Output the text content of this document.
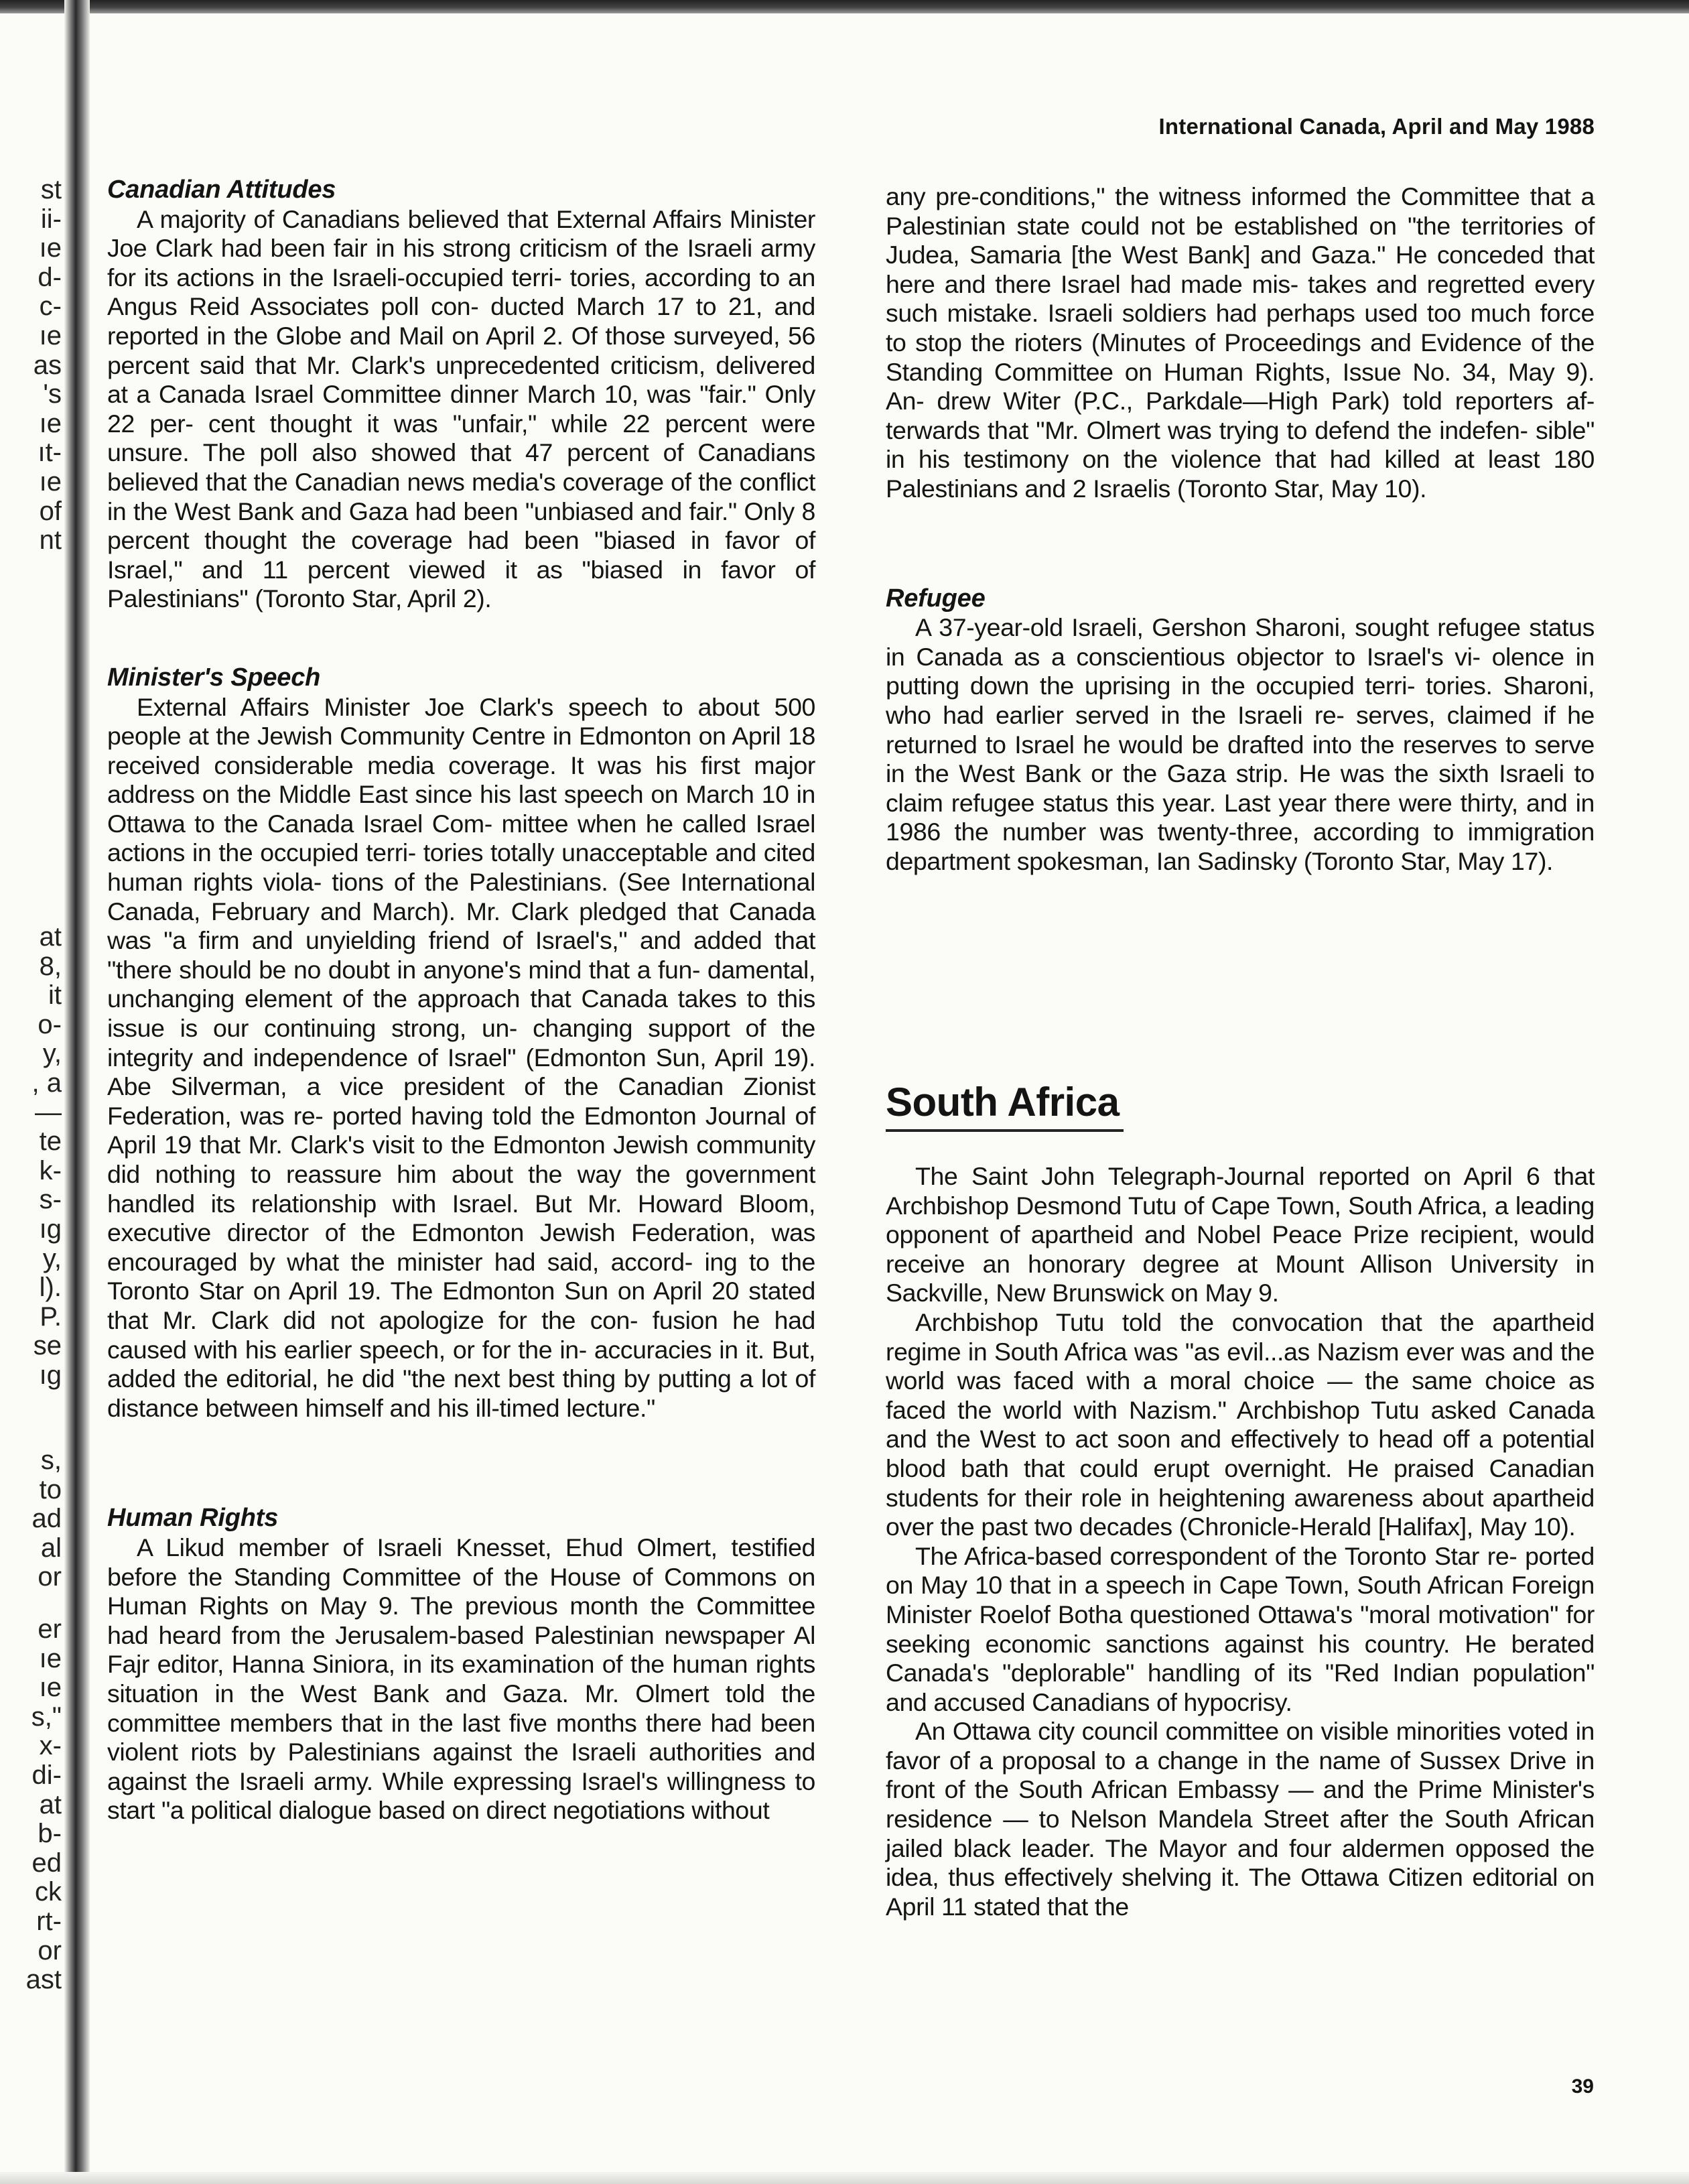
st
ii-
ıe
d-
c-
ıe
as
's
ıe
ıt-
ıe
of
nt
at
8,
it
o-
y,
, a
—
te
k-
s-
ıg
y,
l).
P.
se
ıg
s,
to
ad
al
or
er
ıe
ıe
s,"
x-
di-
at
b-
ed
ck
rt-
or
ast
International Canada, April and May 1988
Canadian Attitudes

A majority of Canadians believed that External Affairs Minister Joe Clark had been fair in his strong criticism of the Israeli army for its actions in the Israeli-occupied terri- tories, according to an Angus Reid Associates poll con- ducted March 17 to 21, and reported in the Globe and Mail on April 2. Of those surveyed, 56 percent said that Mr. Clark's unprecedented criticism, delivered at a Canada Israel Committee dinner March 10, was "fair." Only 22 per- cent thought it was "unfair," while 22 percent were unsure. The poll also showed that 47 percent of Canadians believed that the Canadian news media's coverage of the conflict in the West Bank and Gaza had been "unbiased and fair." Only 8 percent thought the coverage had been "biased in favor of Israel," and 11 percent viewed it as "biased in favor of Palestinians" (Toronto Star, April 2).

Minister's Speech

External Affairs Minister Joe Clark's speech to about 500 people at the Jewish Community Centre in Edmonton on April 18 received considerable media coverage. It was his first major address on the Middle East since his last speech on March 10 in Ottawa to the Canada Israel Com- mittee when he called Israel actions in the occupied terri- tories totally unacceptable and cited human rights viola- tions of the Palestinians. (See International Canada, February and March). Mr. Clark pledged that Canada was "a firm and unyielding friend of Israel's," and added that "there should be no doubt in anyone's mind that a fun- damental, unchanging element of the approach that Canada takes to this issue is our continuing strong, un- changing support of the integrity and independence of Israel" (Edmonton Sun, April 19). Abe Silverman, a vice president of the Canadian Zionist Federation, was re- ported having told the Edmonton Journal of April 19 that Mr. Clark's visit to the Edmonton Jewish community did nothing to reassure him about the way the government handled its relationship with Israel. But Mr. Howard Bloom, executive director of the Edmonton Jewish Federation, was encouraged by what the minister had said, accord- ing to the Toronto Star on April 19. The Edmonton Sun on April 20 stated that Mr. Clark did not apologize for the con- fusion he had caused with his earlier speech, or for the in- accuracies in it. But, added the editorial, he did "the next best thing by putting a lot of distance between himself and his ill-timed lecture."

Human Rights

A Likud member of Israeli Knesset, Ehud Olmert, testified before the Standing Committee of the House of Commons on Human Rights on May 9. The previous month the Committee had heard from the Jerusalem-based Palestinian newspaper Al Fajr editor, Hanna Siniora, in its examination of the human rights situation in the West Bank and Gaza. Mr. Olmert told the committee members that in the last five months there had been violent riots by Palestinians against the Israeli authorities and against the Israeli army. While expressing Israel's willingness to start "a political dialogue based on direct negotiations without

any pre-conditions," the witness informed the Committee that a Palestinian state could not be established on "the territories of Judea, Samaria [the West Bank] and Gaza." He conceded that here and there Israel had made mis- takes and regretted every such mistake. Israeli soldiers had perhaps used too much force to stop the rioters (Minutes of Proceedings and Evidence of the Standing Committee on Human Rights, Issue No. 34, May 9). An- drew Witer (P.C., Parkdale—High Park) told reporters af- terwards that "Mr. Olmert was trying to defend the indefen- sible" in his testimony on the violence that had killed at least 180 Palestinians and 2 Israelis (Toronto Star, May 10).

Refugee

A 37-year-old Israeli, Gershon Sharoni, sought refugee status in Canada as a conscientious objector to Israel's vi- olence in putting down the uprising in the occupied terri- tories. Sharoni, who had earlier served in the Israeli re- serves, claimed if he returned to Israel he would be drafted into the reserves to serve in the West Bank or the Gaza strip. He was the sixth Israeli to claim refugee status this year. Last year there were thirty, and in 1986 the number was twenty-three, according to immigration department spokesman, Ian Sadinsky (Toronto Star, May 17).

South Africa

The Saint John Telegraph-Journal reported on April 6 that Archbishop Desmond Tutu of Cape Town, South Africa, a leading opponent of apartheid and Nobel Peace Prize recipient, would receive an honorary degree at Mount Allison University in Sackville, New Brunswick on May 9.

Archbishop Tutu told the convocation that the apartheid regime in South Africa was "as evil...as Nazism ever was and the world was faced with a moral choice — the same choice as faced the world with Nazism." Archbishop Tutu asked Canada and the West to act soon and effectively to head off a potential blood bath that could erupt overnight. He praised Canadian students for their role in heightening awareness about apartheid over the past two decades (Chronicle-Herald [Halifax], May 10).

The Africa-based correspondent of the Toronto Star re- ported on May 10 that in a speech in Cape Town, South African Foreign Minister Roelof Botha questioned Ottawa's "moral motivation" for seeking economic sanctions against his country. He berated Canada's "deplorable" handling of its "Red Indian population" and accused Canadians of hypocrisy.

An Ottawa city council committee on visible minorities voted in favor of a proposal to a change in the name of Sussex Drive in front of the South African Embassy — and the Prime Minister's residence — to Nelson Mandela Street after the South African jailed black leader. The Mayor and four aldermen opposed the idea, thus effectively shelving it. The Ottawa Citizen editorial on April 11 stated that the

39
